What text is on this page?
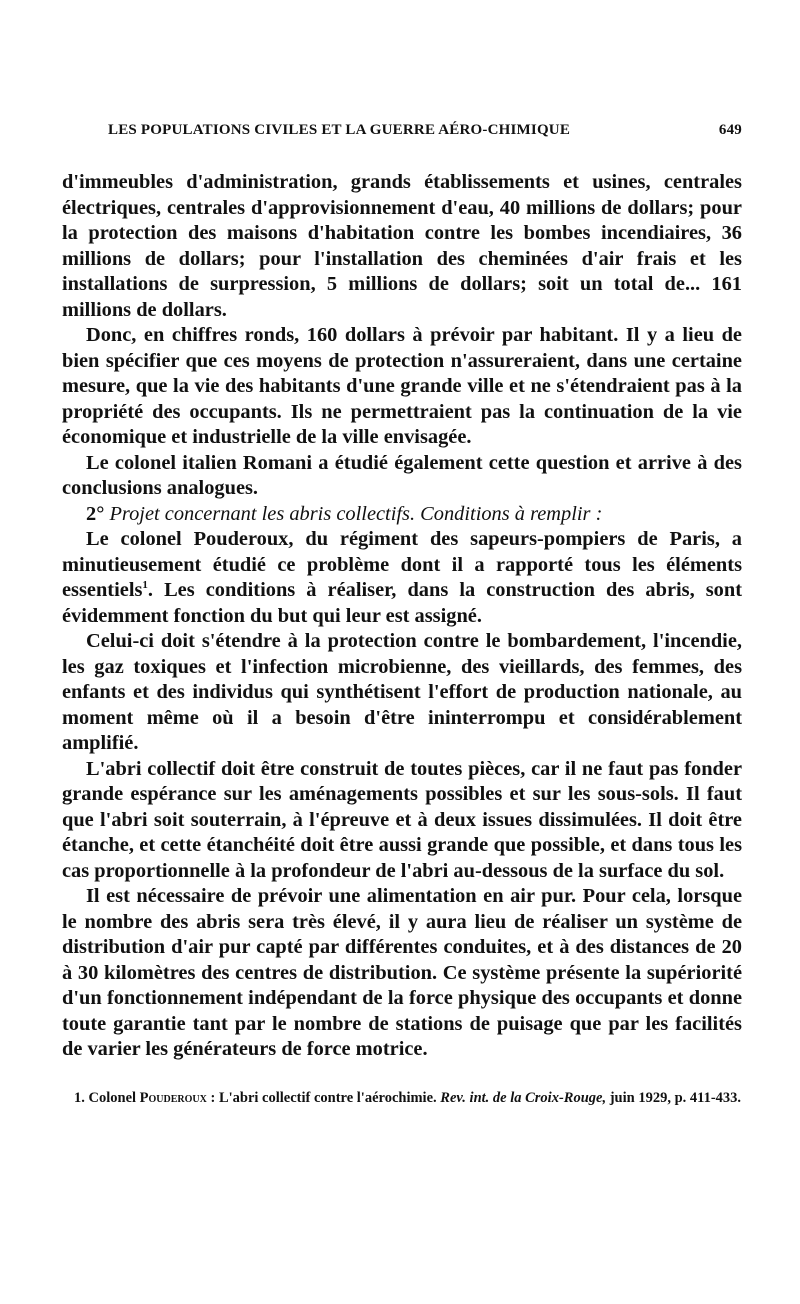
LES POPULATIONS CIVILES ET LA GUERRE AÉRO-CHIMIQUE	649

d'immeubles d'administration, grands établissements et usines, centrales électriques, centrales d'approvisionnement d'eau, 40 millions de dollars; pour la protection des maisons d'habitation contre les bombes incendiaires, 36 millions de dollars; pour l'installation des cheminées d'air frais et les installations de surpression, 5 millions de dollars; soit un total de... 161 millions de dollars.

Donc, en chiffres ronds, 160 dollars à prévoir par habitant. Il y a lieu de bien spécifier que ces moyens de protection n'assureraient, dans une certaine mesure, que la vie des habitants d'une grande ville et ne s'étendraient pas à la propriété des occupants. Ils ne permettraient pas la continuation de la vie économique et industrielle de la ville envisagée.

Le colonel italien Romani a étudié également cette question et arrive à des conclusions analogues.

2° Projet concernant les abris collectifs. Conditions à remplir :

Le colonel Pouderoux, du régiment des sapeurs-pompiers de Paris, a minutieusement étudié ce problème dont il a rapporté tous les éléments essentiels$^1$. Les conditions à réaliser, dans la construction des abris, sont évidemment fonction du but qui leur est assigné.

Celui-ci doit s'étendre à la protection contre le bombardement, l'incendie, les gaz toxiques et l'infection microbienne, des vieillards, des femmes, des enfants et des individus qui synthétisent l'effort de production nationale, au moment même où il a besoin d'être ininterrompu et considérablement amplifié.

L'abri collectif doit être construit de toutes pièces, car il ne faut pas fonder grande espérance sur les aménagements possibles et sur les sous-sols. Il faut que l'abri soit souterrain, à l'épreuve et à deux issues dissimulées. Il doit être étanche, et cette étanchéité doit être aussi grande que possible, et dans tous les cas proportionnelle à la profondeur de l'abri au-dessous de la surface du sol.

Il est nécessaire de prévoir une alimentation en air pur. Pour cela, lorsque le nombre des abris sera très élevé, il y aura lieu de réaliser un système de distribution d'air pur capté par différentes conduites, et à des distances de 20 à 30 kilomètres des centres de distribution. Ce système présente la supériorité d'un fonctionnement indépendant de la force physique des occupants et donne toute garantie tant par le nombre de stations de puisage que par les facilités de varier les générateurs de force motrice.

1. Colonel Pouderoux : L'abri collectif contre l'aérochimie. Rev. int. de la Croix-Rouge, juin 1929, p. 411-433.
